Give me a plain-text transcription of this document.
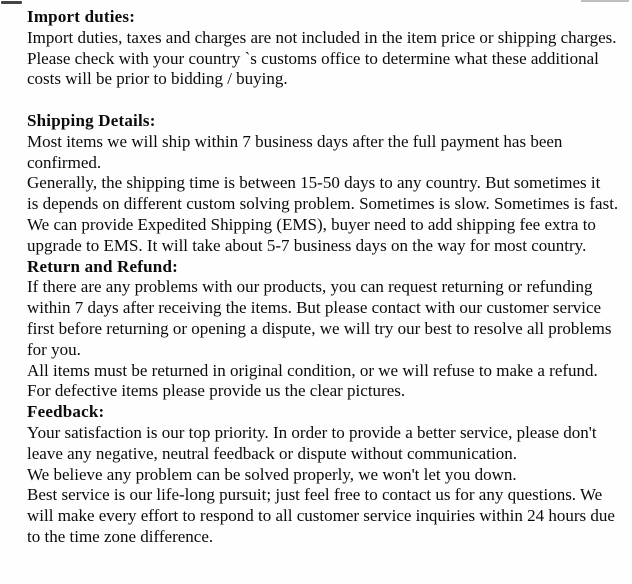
Import duties:
Import duties, taxes and charges are not included in the item price or shipping charges.
Please check with your country `s customs office to determine what these additional
costs will be prior to bidding / buying.
Shipping Details:
Most items we will ship within 7 business days after the full payment has been
confirmed.
Generally, the shipping time is between 15-50 days to any country. But sometimes it
is depends on different custom solving problem. Sometimes is slow. Sometimes is fast.
We can provide Expedited Shipping (EMS), buyer need to add shipping fee extra to
upgrade to EMS. It will take about 5-7 business days on the way for most country.
Return and Refund:
If there are any problems with our products, you can request returning or refunding
within 7 days after receiving the items. But please contact with our customer service
first before returning or opening a dispute, we will try our best to resolve all problems
for you.
All items must be returned in original condition, or we will refuse to make a refund.
For defective items please provide us the clear pictures.
Feedback:
Your satisfaction is our top priority. In order to provide a better service, please don't
leave any negative, neutral feedback or dispute without communication.
We believe any problem can be solved properly, we won't let you down.
Best service is our life-long pursuit; just feel free to contact us for any questions. We
will make every effort to respond to all customer service inquiries within 24 hours due
to the time zone difference.
